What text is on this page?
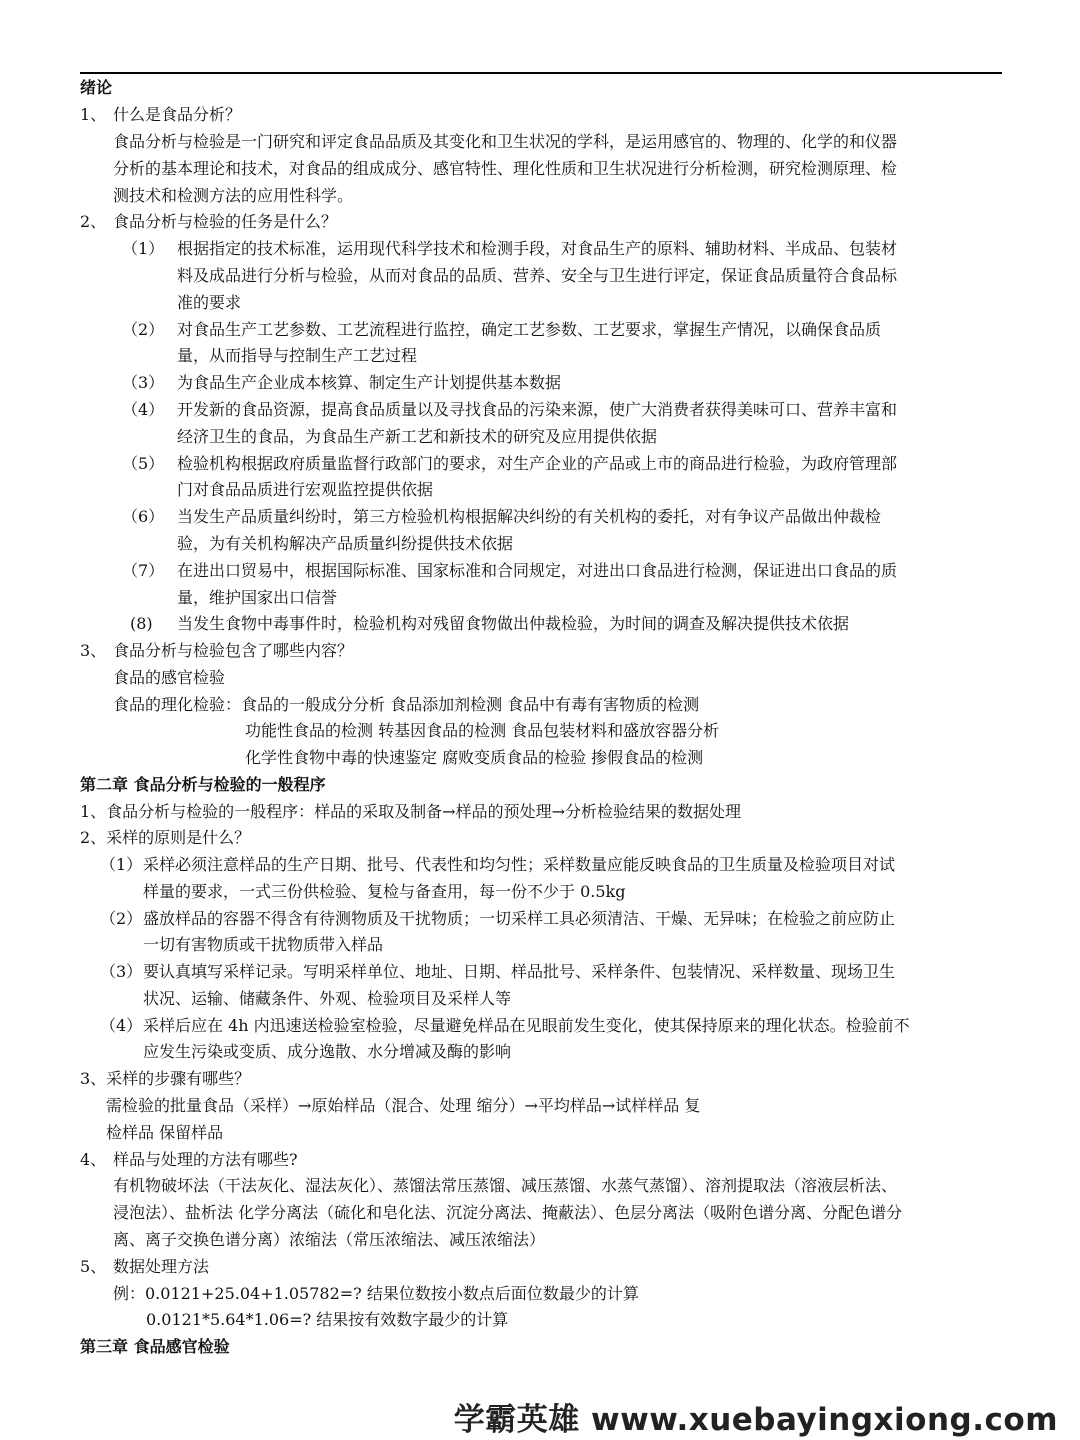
绪论
1、 什么是食品分析？
食品分析与检验是一门研究和评定食品品质及其变化和卫生状况的学科，是运用感官的、物理的、化学的和仪器
分析的基本理论和技术，对食品的组成成分、感官特性、理化性质和卫生状况进行分析检测，研究检测原理、检
测技术和检测方法的应用性科学。
2、 食品分析与检验的任务是什么？
（1） 根据指定的技术标准，运用现代科学技术和检测手段，对食品生产的原料、辅助材料、半成品、包装材
料及成品进行分析与检验，从而对食品的品质、营养、安全与卫生进行评定，保证食品质量符合食品标
准的要求
（2） 对食品生产工艺参数、工艺流程进行监控，确定工艺参数、工艺要求，掌握生产情况，以确保食品质
量，从而指导与控制生产工艺过程
（3） 为食品生产企业成本核算、制定生产计划提供基本数据
（4） 开发新的食品资源，提高食品质量以及寻找食品的污染来源，使广大消费者获得美味可口、营养丰富和
经济卫生的食品，为食品生产新工艺和新技术的研究及应用提供依据
（5） 检验机构根据政府质量监督行政部门的要求，对生产企业的产品或上市的商品进行检验，为政府管理部
门对食品品质进行宏观监控提供依据
（6） 当发生产品质量纠纷时，第三方检验机构根据解决纠纷的有关机构的委托，对有争议产品做出仲裁检
验，为有关机构解决产品质量纠纷提供技术依据
（7） 在进出口贸易中，根据国际标准、国家标准和合同规定，对进出口食品进行检测，保证进出口食品的质
量，维护国家出口信誉
(8) 当发生食物中毒事件时，检验机构对残留食物做出仲裁检验，为时间的调查及解决提供技术依据
3、 食品分析与检验包含了哪些内容？
食品的感官检验
食品的理化检验：食品的一般成分分析 食品添加剂检测 食品中有毒有害物质的检测
功能性食品的检测 转基因食品的检测 食品包装材料和盛放容器分析
化学性食物中毒的快速鉴定 腐败变质食品的检验 掺假食品的检测
第二章 食品分析与检验的一般程序
1、食品分析与检验的一般程序：样品的采取及制备→样品的预处理→分析检验结果的数据处理
2、采样的原则是什么？
（1） 采样必须注意样品的生产日期、批号、代表性和均匀性；采样数量应能反映食品的卫生质量及检验项目对试
样量的要求，一式三份供检验、复检与备查用，每一份不少于 0.5kg
（2） 盛放样品的容器不得含有待测物质及干扰物质；一切采样工具必须清洁、干燥、无异味；在检验之前应防止
一切有害物质或干扰物质带入样品
（3） 要认真填写采样记录。写明采样单位、地址、日期、样品批号、采样条件、包装情况、采样数量、现场卫生
状况、运输、储藏条件、外观、检验项目及采样人等
（4） 采样后应在 4h 内迅速送检验室检验，尽量避免样品在见眼前发生变化，使其保持原来的理化状态。检验前不
应发生污染或变质、成分逸散、水分增减及酶的影响
3、采样的步骤有哪些？
需检验的批量食品（采样）→原始样品（混合、处理 缩分）→平均样品→试样样品 复
检样品 保留样品
4、 样品与处理的方法有哪些?
有机物破坏法（干法灰化、湿法灰化）、蒸馏法常压蒸馏、减压蒸馏、水蒸气蒸馏）、溶剂提取法（溶液层析法、
浸泡法）、盐析法 化学分离法（硫化和皂化法、沉淀分离法、掩蔽法）、色层分离法（吸附色谱分离、分配色谱分
离、离子交换色谱分离）浓缩法（常压浓缩法、减压浓缩法）
5、 数据处理方法
例：0.0121+25.04+1.05782=? 结果位数按小数点后面位数最少的计算
0.0121*5.64*1.06=? 结果按有效数字最少的计算
第三章 食品感官检验
学霸英雄 www.xuebayingxiong.com
